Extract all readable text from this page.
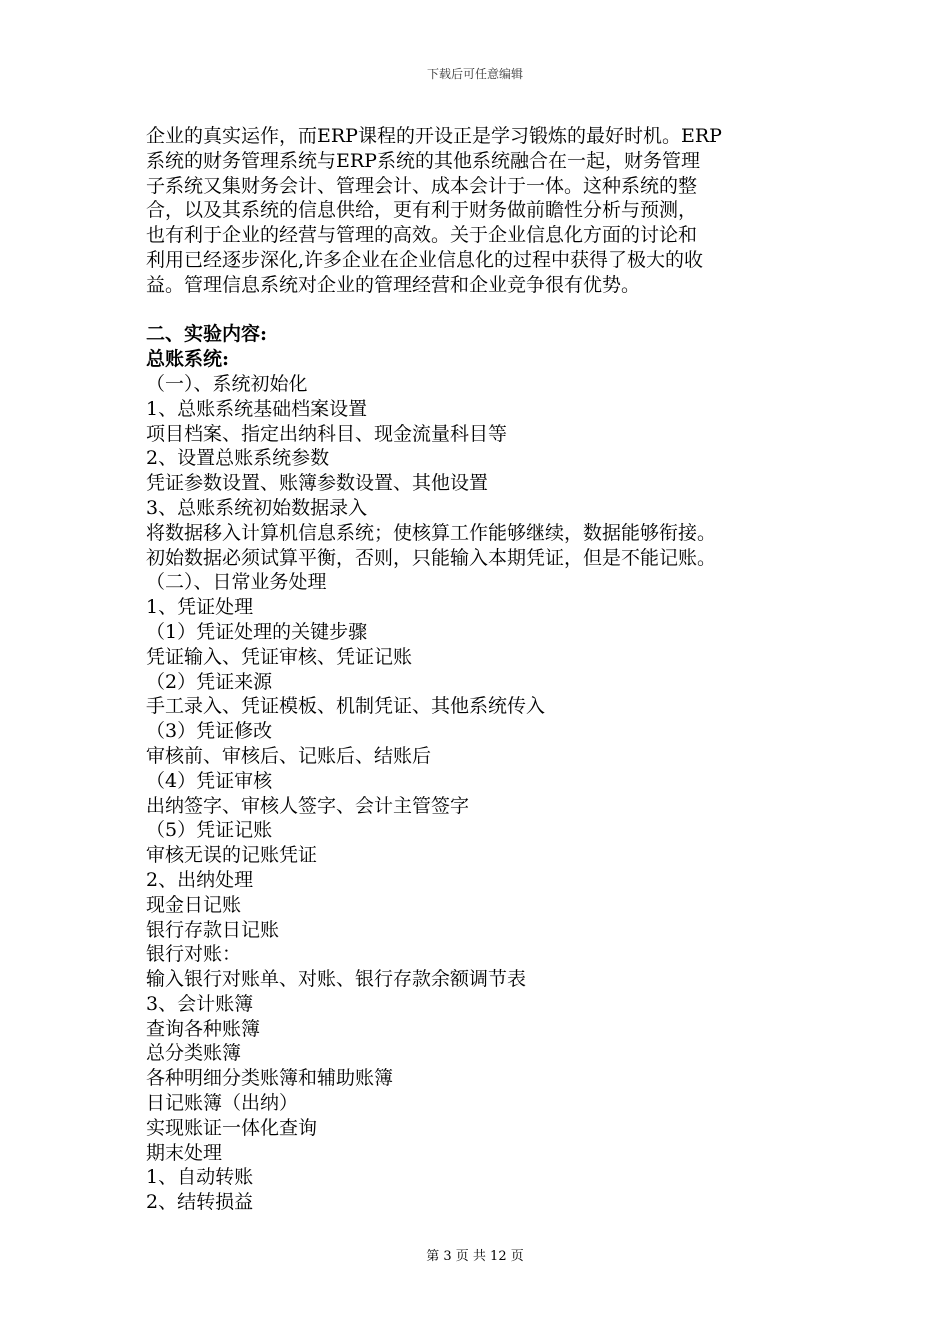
下载后可任意编辑

企业的真实运作，而ERP课程的开设正是学习锻炼的最好时机。ERP

系统的财务管理系统与ERP系统的其他系统融合在一起，财务管理

子系统又集财务会计、管理会计、成本会计于一体。这种系统的整

合，以及其系统的信息供给，更有利于财务做前瞻性分析与预测，

也有利于企业的经营与管理的高效。关于企业信息化方面的讨论和

利用已经逐步深化,许多企业在企业信息化的过程中获得了极大的收

益。管理信息系统对企业的管理经营和企业竞争很有优势。

二、实验内容:

总账系统:

（一）、系统初始化

1、总账系统基础档案设置

项目档案、指定出纳科目、现金流量科目等

2、设置总账系统参数

凭证参数设置、账簿参数设置、其他设置

3、总账系统初始数据录入

将数据移入计算机信息系统；使核算工作能够继续，数据能够衔接。

初始数据必须试算平衡，否则，只能输入本期凭证，但是不能记账。

（二）、日常业务处理

1、凭证处理

（1）凭证处理的关键步骤

凭证输入、凭证审核、凭证记账

（2）凭证来源

手工录入、凭证模板、机制凭证、其他系统传入

（3）凭证修改

审核前、审核后、记账后、结账后

（4）凭证审核

出纳签字、审核人签字、会计主管签字

（5）凭证记账

审核无误的记账凭证

2、出纳处理

现金日记账

银行存款日记账

银行对账：

输入银行对账单、对账、银行存款余额调节表

3、会计账簿

查询各种账簿

总分类账簿

各种明细分类账簿和辅助账簿

日记账簿（出纳）

实现账证一体化查询

期末处理

1、自动转账

2、结转损益

第 3 页 共 12 页
